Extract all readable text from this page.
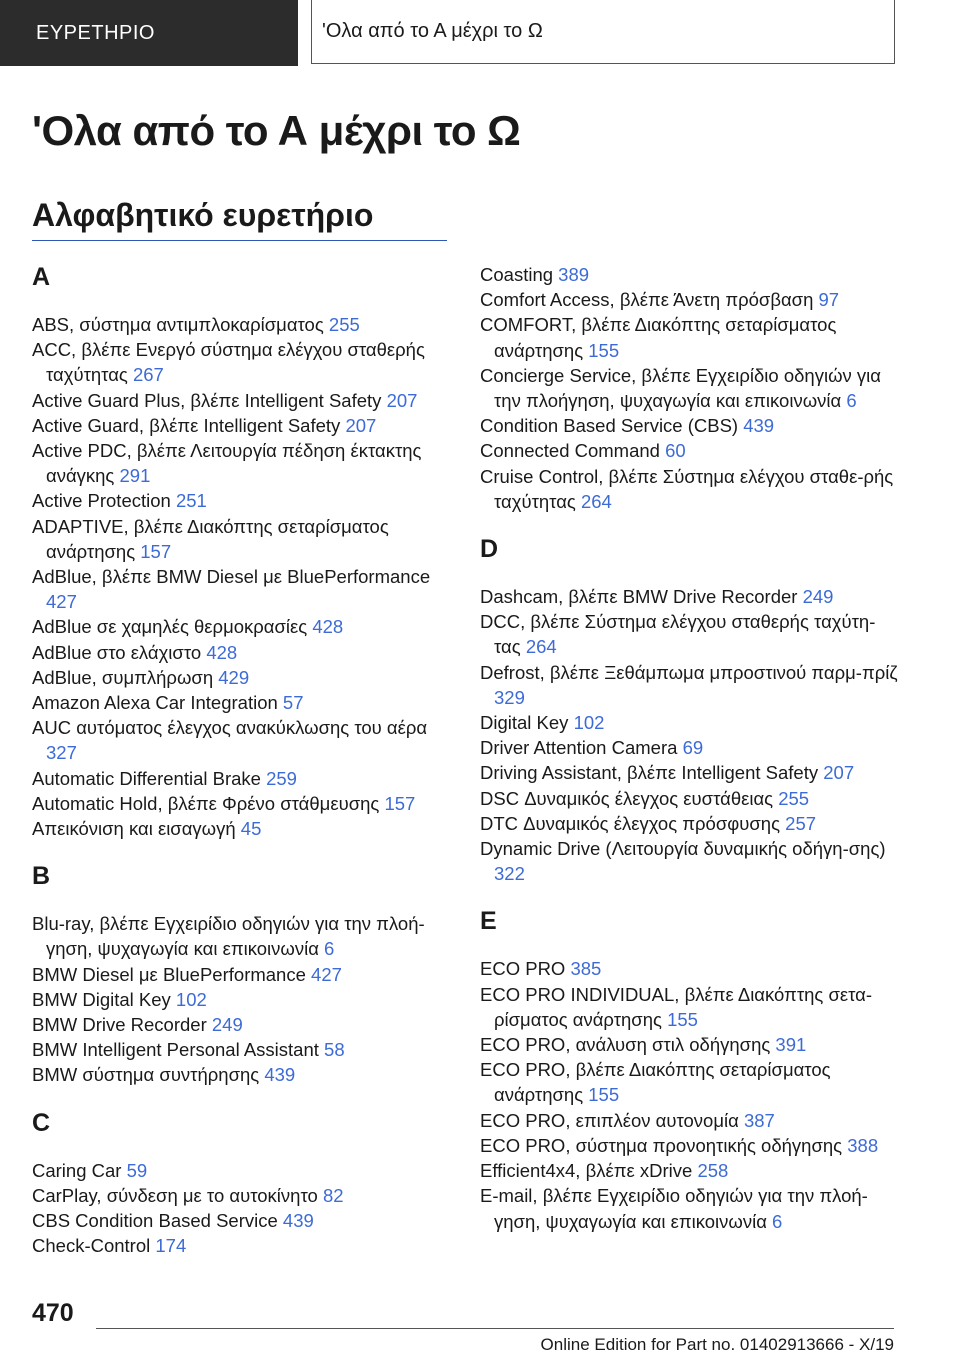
ΕΥΡΕΤΗΡΙΟ	'Ολα από το Α μέχρι το Ω
'Ολα από το Α μέχρι το Ω
Αλφαβητικό ευρετήριο
A

ABS, σύστημα αντιμπλοκαρίσματος 255

ACC, βλέπε Ενεργό σύστημα ελέγχου σταθερής ταχύτητας 267

Active Guard Plus, βλέπε Intelligent Safety 207

Active Guard, βλέπε Intelligent Safety 207

Active PDC, βλέπε Λειτουργία πέδηση έκτακτης ανάγκης 291

Active Protection 251

ADAPTIVE, βλέπε Διακόπτης σεταρίσματος ανάρτησης 157

AdBlue, βλέπε BMW Diesel με BluePerformance 427

AdBlue σε χαμηλές θερμοκρασίες 428

AdBlue στο ελάχιστο 428

AdBlue, συμπλήρωση 429

Amazon Alexa Car Integration 57

AUC αυτόματος έλεγχος ανακύκλωσης του αέρα 327

Automatic Differential Brake 259

Automatic Hold, βλέπε Φρένο στάθμευσης 157

Απεικόνιση και εισαγωγή 45

B

Blu-ray, βλέπε Εγχειρίδιο οδηγιών για την πλοή-γηση, ψυχαγωγία και επικοινωνία 6

BMW Diesel με BluePerformance 427

BMW Digital Key 102

BMW Drive Recorder 249

BMW Intelligent Personal Assistant 58

BMW σύστημα συντήρησης 439

C

Caring Car 59

CarPlay, σύνδεση με το αυτοκίνητο 82

CBS Condition Based Service 439

Check-Control 174

Coasting 389

Comfort Access, βλέπε Άνετη πρόσβαση 97

COMFORT, βλέπε Διακόπτης σεταρίσματος ανάρτησης 155

Concierge Service, βλέπε Εγχειρίδιο οδηγιών για την πλοήγηση, ψυχαγωγία και επικοινωνία 6

Condition Based Service (CBS) 439

Connected Command 60

Cruise Control, βλέπε Σύστημα ελέγχου σταθε-ρής ταχύτητας 264

D

Dashcam, βλέπε BMW Drive Recorder 249

DCC, βλέπε Σύστημα ελέγχου σταθερής ταχύτη-τας 264

Defrost, βλέπε Ξεθάμπωμα μπροστινού παρμ-πρίζ 329

Digital Key 102

Driver Attention Camera 69

Driving Assistant, βλέπε Intelligent Safety 207

DSC Δυναμικός έλεγχος ευστάθειας 255

DTC Δυναμικός έλεγχος πρόσφυσης 257

Dynamic Drive (Λειτουργία δυναμικής οδήγη-σης) 322

E

ECO PRO 385

ECO PRO INDIVIDUAL, βλέπε Διακόπτης σετα-ρίσματος ανάρτησης 155

ECO PRO, ανάλυση στιλ οδήγησης 391

ECO PRO, βλέπε Διακόπτης σεταρίσματος ανάρτησης 155

ECO PRO, επιπλέον αυτονομία 387

ECO PRO, σύστημα προνοητικής οδήγησης 388

Efficient4x4, βλέπε xDrive 258

E-mail, βλέπε Εγχειρίδιο οδηγιών για την πλοή-γηση, ψυχαγωγία και επικοινωνία 6

470
Online Edition for Part no. 01402913666 - X/19
